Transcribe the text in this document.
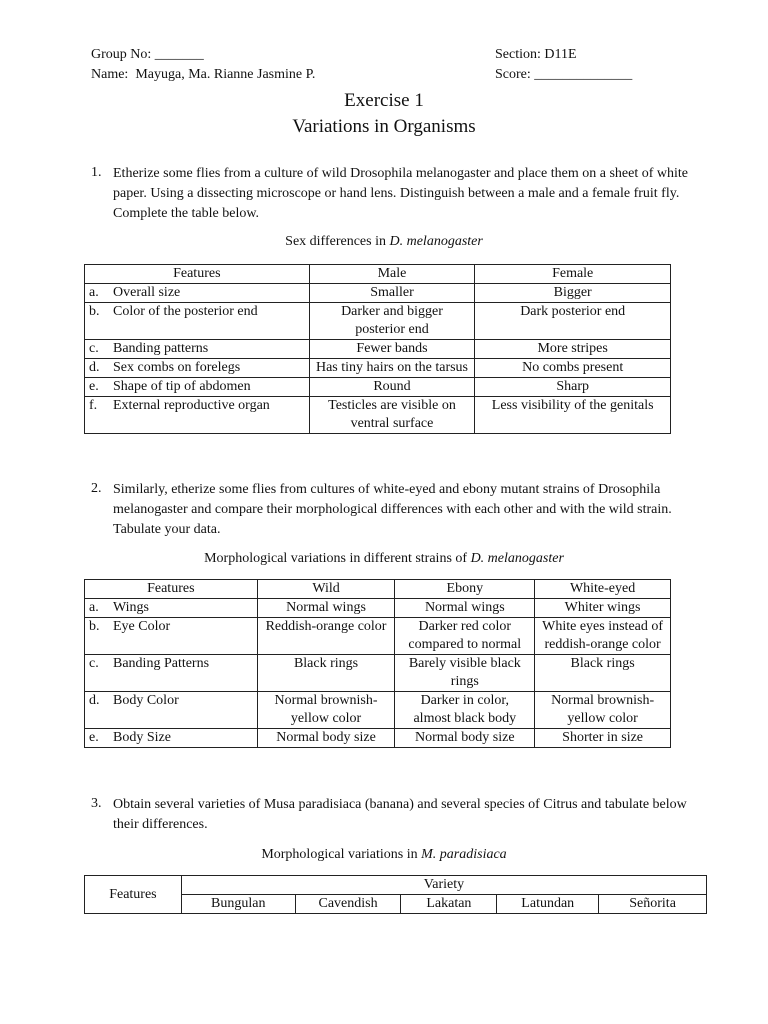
Group No: _______
Name:  Mayuga, Ma. Rianne Jasmine P.
Section: D11E
Score: ______________
Exercise 1
Variations in Organisms
1. Etherize some flies from a culture of wild Drosophila melanogaster and place them on a sheet of white paper. Using a dissecting microscope or hand lens. Distinguish between a male and a female fruit fly. Complete the table below.
Sex differences in D. melanogaster
Features	Male	Female
a. Overall size	Smaller	Bigger
b. Color of the posterior end	Darker and bigger posterior end	Dark posterior end
c. Banding patterns	Fewer bands	More stripes
d. Sex combs on forelegs	Has tiny hairs on the tarsus	No combs present
e. Shape of tip of abdomen	Round	Sharp
f. External reproductive organ	Testicles are visible on ventral surface	Less visibility of the genitals
2. Similarly, etherize some flies from cultures of white-eyed and ebony mutant strains of Drosophila melanogaster and compare their morphological differences with each other and with the wild strain. Tabulate your data.
Morphological variations in different strains of D. melanogaster
Features	Wild	Ebony	White-eyed
a. Wings	Normal wings	Normal wings	Whiter wings
b. Eye Color	Reddish-orange color	Darker red color compared to normal	White eyes instead of reddish-orange color
c. Banding Patterns	Black rings	Barely visible black rings	Black rings
d. Body Color	Normal brownish-yellow color	Darker in color, almost black body	Normal brownish-yellow color
e. Body Size	Normal body size	Normal body size	Shorter in size
3. Obtain several varieties of Musa paradisiaca (banana) and several species of Citrus and tabulate below their differences.
Morphological variations in M. paradisiaca
Features	Variety				
	Bungulan	Cavendish	Lakatan	Latundan	Señorita
